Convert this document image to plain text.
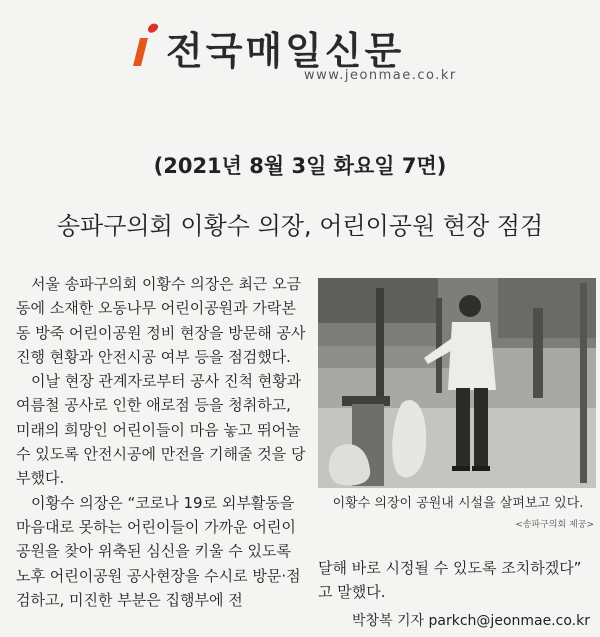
전국매일신문
www.jeonmae.co.kr
(2021년 8월 3일 화요일 7면)
송파구의회 이황수 의장, 어린이공원 현장 점검

서울 송파구의회 이황수 의장은 최근 오금동에 소재한 오동나무 어린이공원과 가락본동 방죽 어린이공원 정비 현장을 방문해 공사 진행 현황과 안전시공 여부 등을 점검했다.

이날 현장 관계자로부터 공사 진척 현황과 여름철 공사로 인한 애로점 등을 청취하고, 미래의 희망인 어린이들이 마음 놓고 뛰어놀 수 있도록 안전시공에 만전을 기해줄 것을 당부했다.

이황수 의장은 “코로나 19로 외부활동을 마음대로 못하는 어린이들이 가까운 어린이공원을 찾아 위축된 심신을 키울 수 있도록 노후 어린이공원 공사현장을 수시로 방문·점검하고, 미진한 부분은 집행부에 전

이황수 의장이 공원내 시설을 살펴보고 있다.
<송파구의회 제공>

달해 바로 시정될 수 있도록 조치하겠다”

고 말했다.

박창복 기자 parkch@jeonmae.co.kr
